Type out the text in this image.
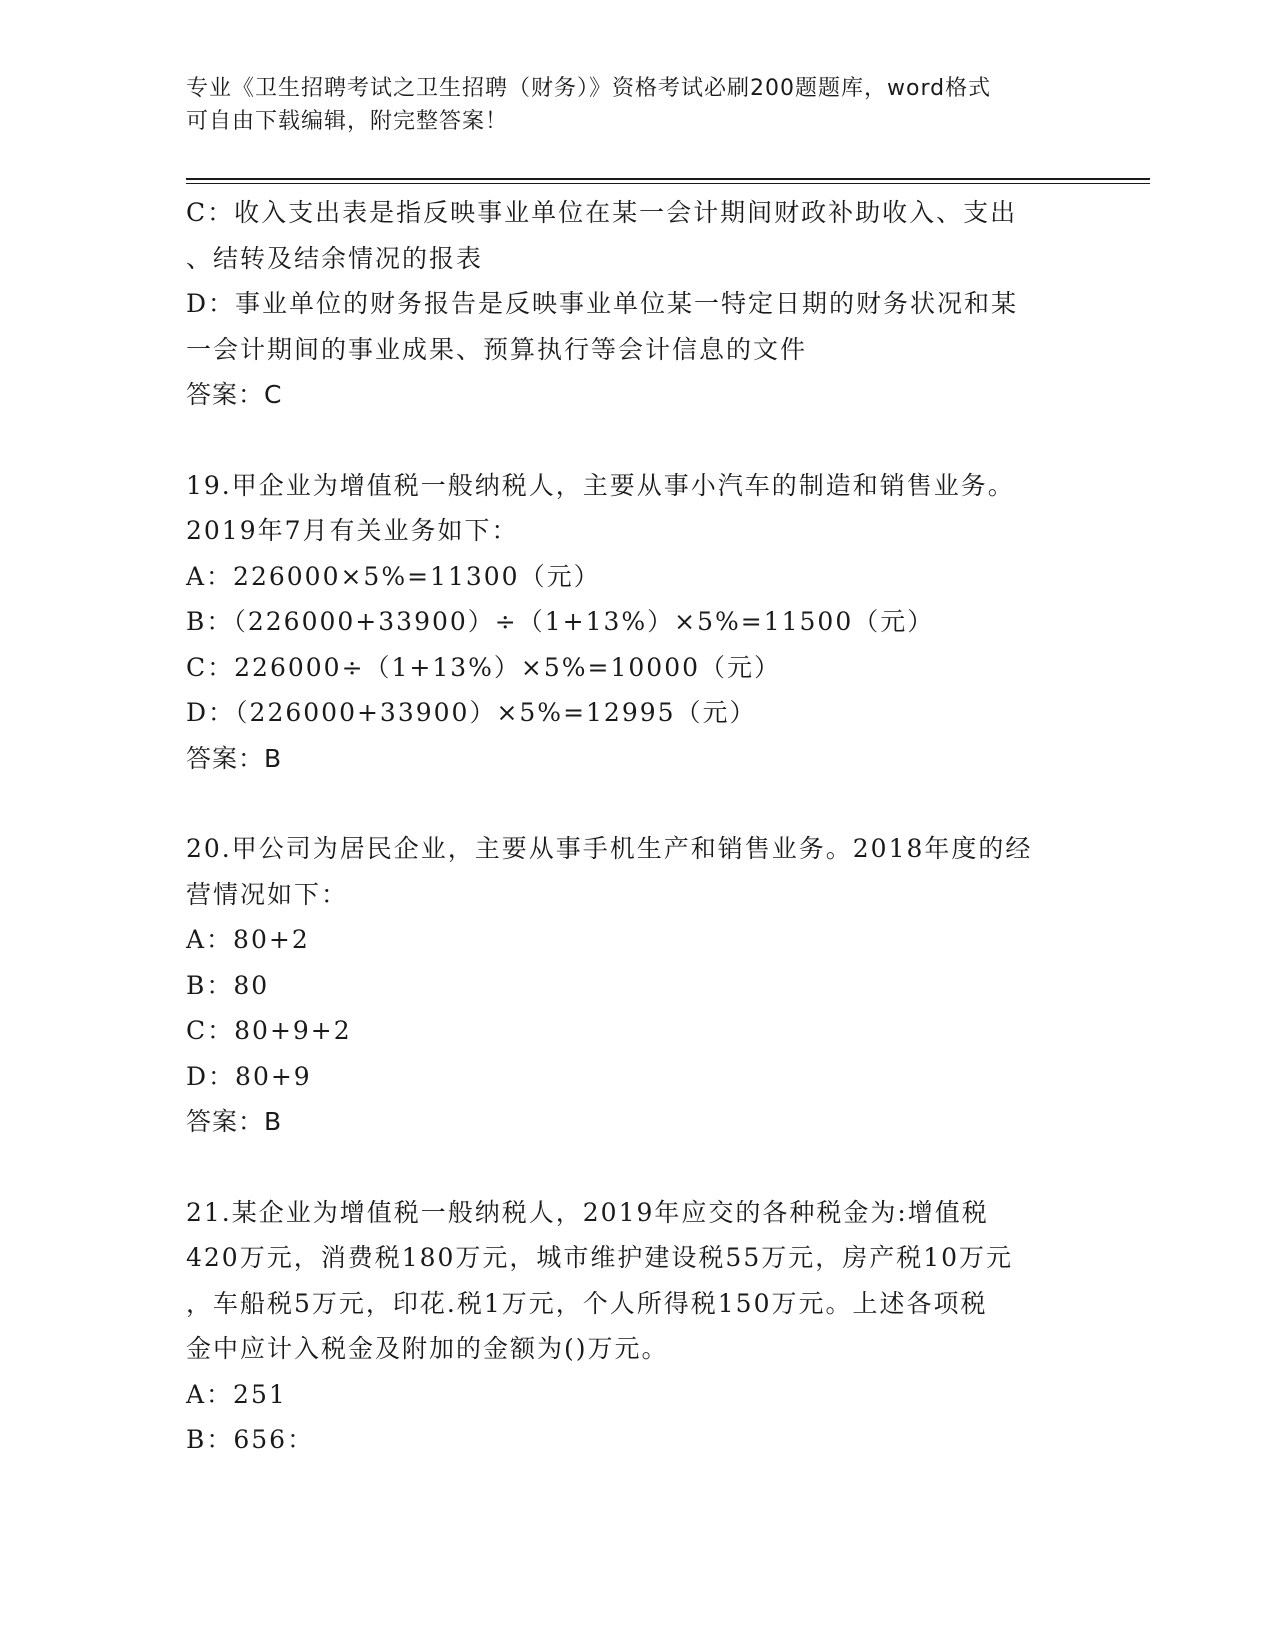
专业《卫生招聘考试之卫生招聘（财务）》资格考试必刷200题题库，word格式
可自由下载编辑，附完整答案！
C：收入支出表是指反映事业单位在某一会计期间财政补助收入、支出
、结转及结余情况的报表
D：事业单位的财务报告是反映事业单位某一特定日期的财务状况和某
一会计期间的事业成果、预算执行等会计信息的文件
答案：C
19.甲企业为增值税一般纳税人，主要从事小汽车的制造和销售业务。
2019年7月有关业务如下：
A：226000×5%=11300（元）
B：（226000+33900）÷（1+13%）×5%=11500（元）
C：226000÷（1+13%）×5%=10000（元）
D：（226000+33900）×5%=12995（元）
答案：B
20.甲公司为居民企业，主要从事手机生产和销售业务。2018年度的经
营情况如下：
A：80+2
B：80
C：80+9+2
D：80+9
答案：B
21.某企业为增值税一般纳税人，2019年应交的各种税金为:增值税
420万元，消费税180万元，城市维护建设税55万元，房产税10万元
，车船税5万元，印花.税1万元，个人所得税150万元。上述各项税
金中应计入税金及附加的金额为()万元。
A：251
B：656：
